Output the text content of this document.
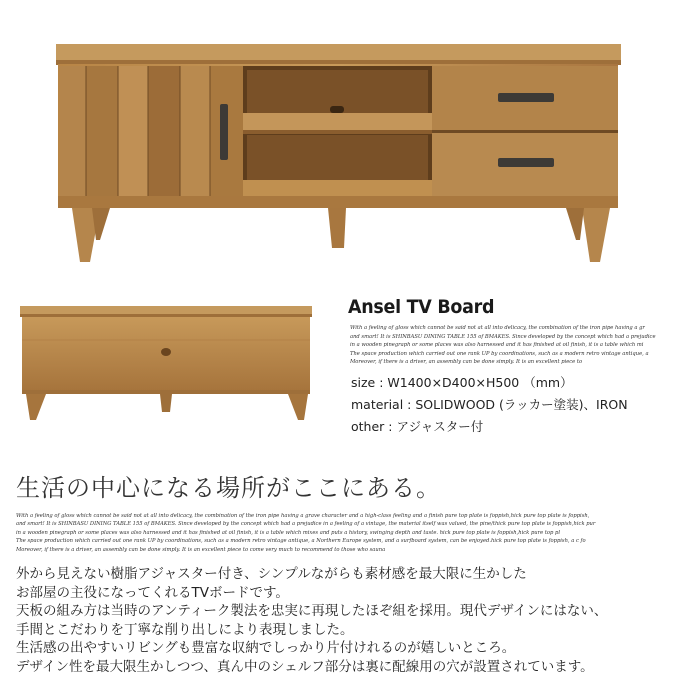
Ansel TV Board
With a feeling of gloss which cannot be said not at all into delicacy, the combination of the iron pipe having a gr
and smart! It is SHINBASU DINING TABLE 155 of BMAKES. Since developed by the concept which had a prejudice
in a wooden pinegraph or some places was also harnessed and it has finished at oil finish, it is a table which mi
The space production which carried out one rank UP by coordinations, such as a modern retro vintage antique, a
Moreover, if there is a driver, an assembly can be done simply. It is an excellent piece to
size : W1400×D400×H500 （mm）
material : SOLIDWOOD (ラッカー塗装)、IRON
other : アジャスター付
生活の中心になる場所がここにある。
With a feeling of gloss which cannot be said not at all into delicacy, the combination of the iron pipe having a grave character and a high-class feeling and a finish pure top plate is foppish,hick pure top plate is foppish,
and smart! It is SHINBASU DINING TABLE 155 of BMAKES. Since developed by the concept which had a prejudice in a feeling of a vintage, the material itself was valued, the pine/thick pure top plate is foppish,hick pur
in a wooden pinegraph or some places was also harnessed and it has finished at oil finish, it is a table which mixes and puts a history, swinging depth and taste. hick pure top plate is foppish,hick pure top pl
The space production which carried out one rank UP by coordinations, such as a modern retro vintage antique, a Northern Europe system, and a surfboard system, can be enjoyed.hick pure top plate is foppish, a c fo
Moreover, if there is a driver, an assembly can be done simply. It is an excellent piece to come very much to recommend to those who sauna
外から見えない樹脂アジャスター付き、シンプルながらも素材感を最大限に生かした
お部屋の主役になってくれるTVボードです。
天板の組み方は当時のアンティーク製法を忠実に再現したほぞ組を採用。現代デザインにはない、
手間とこだわりを丁寧な削り出しにより表現しました。
生活感の出やすいリビングも豊富な収納でしっかり片付けれるのが嬉しいところ。
デザイン性を最大限生かしつつ、真ん中のシェルフ部分は裏に配線用の穴が設置されています。
